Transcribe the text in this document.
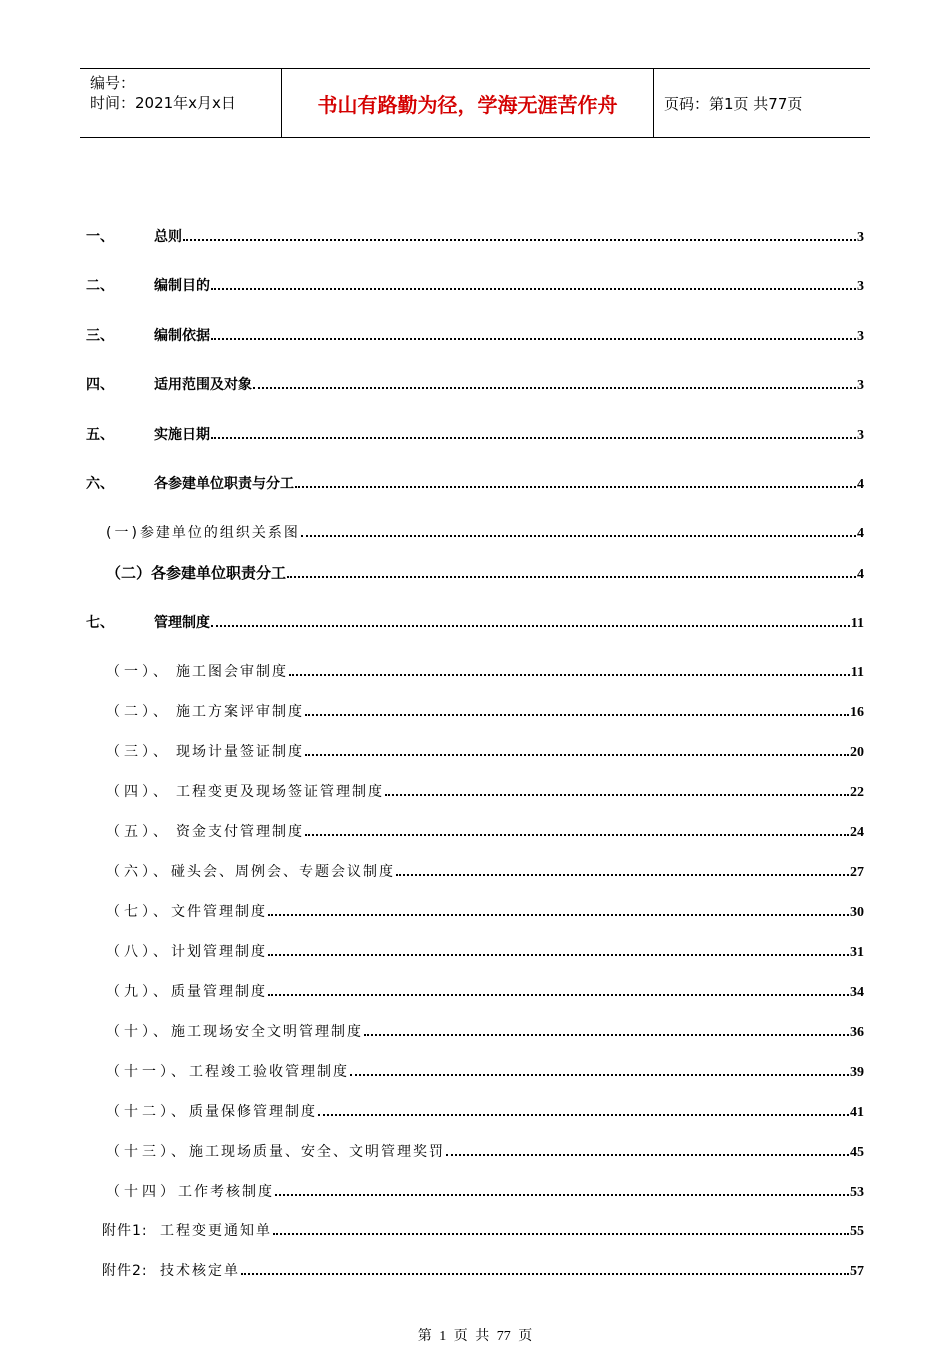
编号：
时间：2021年x月x日	书山有路勤为径，学海无涯苦作舟	页码：第1页 共77页
一、	总则	3
二、	编制目的	3
三、	编制依据	3
四、	适用范围及对象	3
五、	实施日期	3
六、	各参建单位职责与分工	4
(一) 参建单位的组织关系图	4
（二） 各参建单位职责分工	4
七、	管理制度	11
（一）、 施工图会审制度	11
（二）、 施工方案评审制度	16
（三）、 现场计量签证制度	20
（四）、 工程变更及现场签证管理制度	22
（五）、 资金支付管理制度	24
（六）、 碰头会、周例会、专题会议制度	27
（七）、 文件管理制度	30
（八）、 计划管理制度	31
（九）、 质量管理制度	34
（十）、 施工现场安全文明管理制度	36
（十一）、 工程竣工验收管理制度	39
（十二）、 质量保修管理制度	41
（十三）、 施工现场质量、安全、文明管理奖罚	45
（十四） 工作考核制度	53
附件1: 工程变更通知单	55
附件2: 技术核定单	57
第 1 页 共 77 页
